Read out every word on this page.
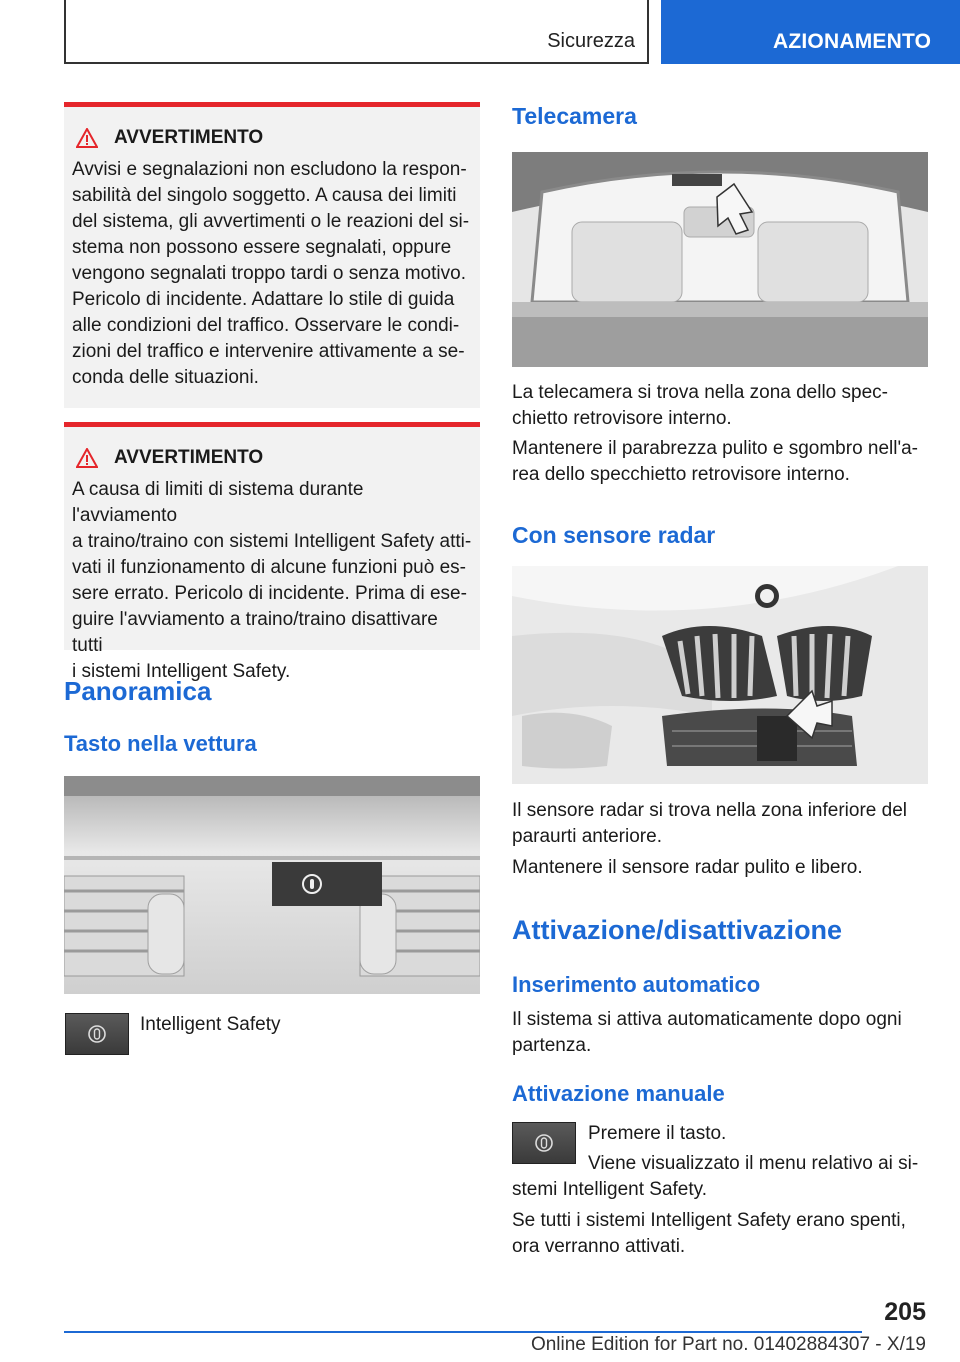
Sicurezza	AZIONAMENTO
AVVERTIMENTO
Avvisi e segnalazioni non escludono la respon-
sabilità del singolo soggetto. A causa dei limiti
del sistema, gli avvertimenti o le reazioni del si-
stema non possono essere segnalati, oppure
vengono segnalati troppo tardi o senza motivo.
Pericolo di incidente. Adattare lo stile di guida
alle condizioni del traffico. Osservare le condi-
zioni del traffico e intervenire attivamente a se-
conda delle situazioni.
AVVERTIMENTO
A causa di limiti di sistema durante l'avviamento
a traino/traino con sistemi Intelligent Safety atti-
vati il funzionamento di alcune funzioni può es-
sere errato. Pericolo di incidente. Prima di ese-
guire l'avviamento a traino/traino disattivare tutti
i sistemi Intelligent Safety.
Panoramica
Tasto nella vettura
Intelligent Safety
Telecamera
La telecamera si trova nella zona dello spec-
chietto retrovisore interno.
Mantenere il parabrezza pulito e sgombro nell'a-
rea dello specchietto retrovisore interno.
Con sensore radar
Il sensore radar si trova nella zona inferiore del
paraurti anteriore.
Mantenere il sensore radar pulito e libero.
Attivazione/disattivazione
Inserimento automatico
Il sistema si attiva automaticamente dopo ogni
partenza.
Attivazione manuale
Premere il tasto.
Viene visualizzato il menu relativo ai si-
stemi Intelligent Safety.
Se tutti i sistemi Intelligent Safety erano spenti,
ora verranno attivati.
205
Online Edition for Part no. 01402884307 - X/19
